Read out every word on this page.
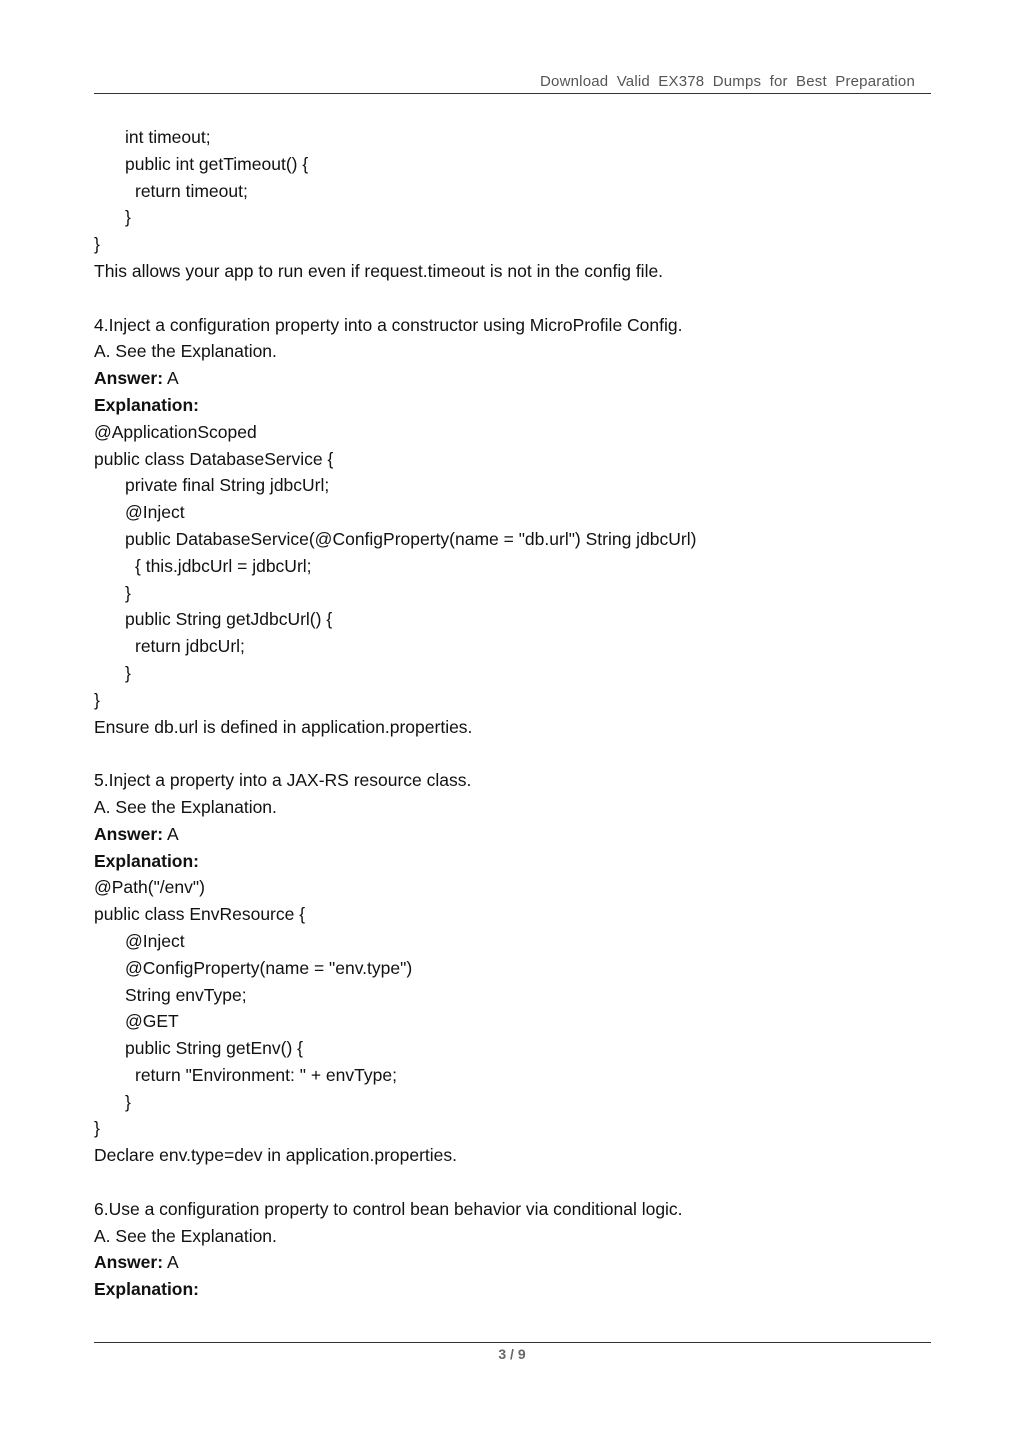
Download Valid EX378 Dumps for Best Preparation
int timeout;
public int getTimeout() {
return timeout;
}
}
This allows your app to run even if request.timeout is not in the config file.
4.Inject a configuration property into a constructor using MicroProfile Config.
A. See the Explanation.
Answer: A
Explanation:
@ApplicationScoped
public class DatabaseService {
private final String jdbcUrl;
@Inject
public DatabaseService(@ConfigProperty(name = "db.url") String jdbcUrl)
{ this.jdbcUrl = jdbcUrl;
}
public String getJdbcUrl() {
return jdbcUrl;
}
}
Ensure db.url is defined in application.properties.
5.Inject a property into a JAX-RS resource class.
A. See the Explanation.
Answer: A
Explanation:
@Path("/env")
public class EnvResource {
@Inject
@ConfigProperty(name = "env.type")
String envType;
@GET
public String getEnv() {
return "Environment: " + envType;
}
}
Declare env.type=dev in application.properties.
6.Use a configuration property to control bean behavior via conditional logic.
A. See the Explanation.
Answer: A
Explanation:
3 / 9
